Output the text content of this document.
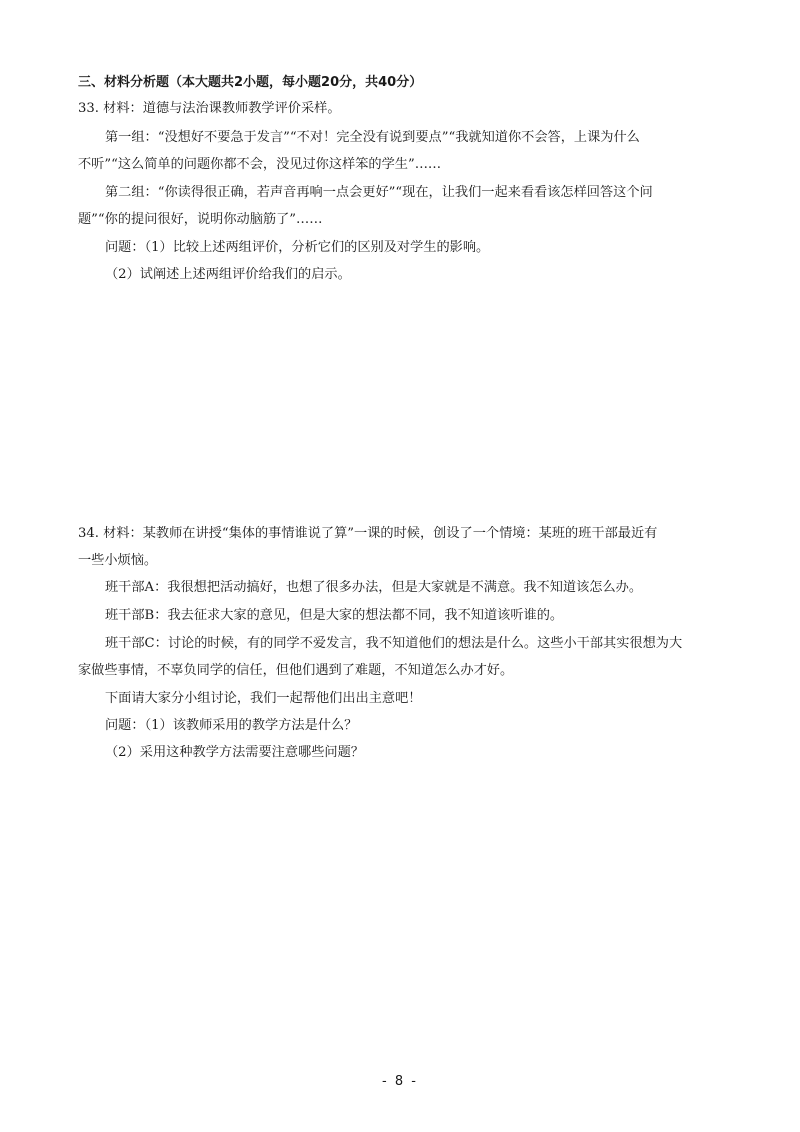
三、材料分析题（本大题共2小题，每小题20分，共40分）
33. 材料：道德与法治课教师教学评价采样。
第一组：“没想好不要急于发言”“不对！完全没有说到要点”“我就知道你不会答，上课为什么
不听”“这么简单的问题你都不会，没见过你这样笨的学生”……
第二组：“你读得很正确，若声音再响一点会更好”“现在，让我们一起来看看该怎样回答这个问
题”“你的提问很好，说明你动脑筋了”……
问题：（1）比较上述两组评价，分析它们的区别及对学生的影响。
（2）试阐述上述两组评价给我们的启示。
34. 材料：某教师在讲授“集体的事情谁说了算”一课的时候，创设了一个情境：某班的班干部最近有
一些小烦恼。
班干部A：我很想把活动搞好，也想了很多办法，但是大家就是不满意。我不知道该怎么办。
班干部B：我去征求大家的意见，但是大家的想法都不同，我不知道该听谁的。
班干部C：讨论的时候，有的同学不爱发言，我不知道他们的想法是什么。这些小干部其实很想为大
家做些事情，不辜负同学的信任，但他们遇到了难题，不知道怎么办才好。
下面请大家分小组讨论，我们一起帮他们出出主意吧！
问题：（1）该教师采用的教学方法是什么？
（2）采用这种教学方法需要注意哪些问题？
- 8 -
